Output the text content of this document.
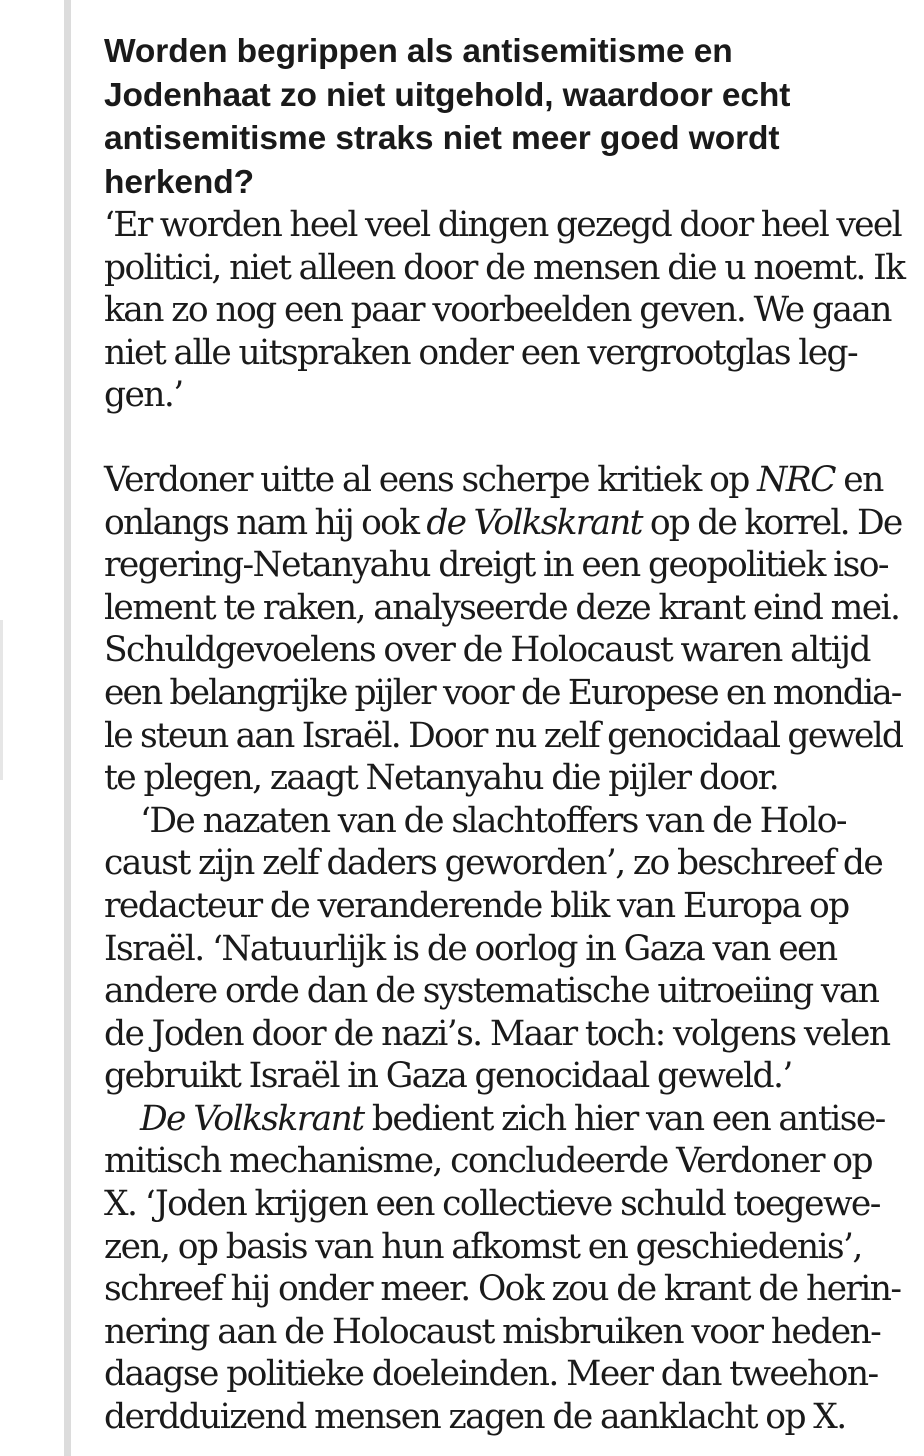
Worden begrippen als antisemitisme en
Jodenhaat zo niet uitgehold, waardoor echt
antisemitisme straks niet meer goed wordt
herkend?

‘Er worden heel veel dingen gezegd door heel veel
politici, niet alleen door de mensen die u noemt. Ik
kan zo nog een paar voorbeelden geven. We gaan
niet alle uitspraken onder een vergrootglas leg-
gen.’

Verdoner uitte al eens scherpe kritiek op NRC en
onlangs nam hij ook de Volkskrant op de korrel. De
regering-Netanyahu dreigt in een geopolitiek iso-
lement te raken, analyseerde deze krant eind mei.
Schuldgevoelens over de Holocaust waren altijd
een belangrijke pijler voor de Europese en mondia-
le steun aan Israël. Door nu zelf genocidaal geweld
te plegen, zaagt Netanyahu die pijler door.

‘De nazaten van de slachtoffers van de Holo-
caust zijn zelf daders geworden’, zo beschreef de
redacteur de veranderende blik van Europa op
Israël. ‘Natuurlijk is de oorlog in Gaza van een
andere orde dan de systematische uitroeiing van
de Joden door de nazi’s. Maar toch: volgens velen
gebruikt Israël in Gaza genocidaal geweld.’

De Volkskrant bedient zich hier van een antise-
mitisch mechanisme, concludeerde Verdoner op
X. ‘Joden krijgen een collectieve schuld toegewe-
zen, op basis van hun afkomst en geschiedenis’,
schreef hij onder meer. Ook zou de krant de herin-
nering aan de Holocaust misbruiken voor heden-
daagse politieke doeleinden. Meer dan tweehon-
derdduizend mensen zagen de aanklacht op X.
